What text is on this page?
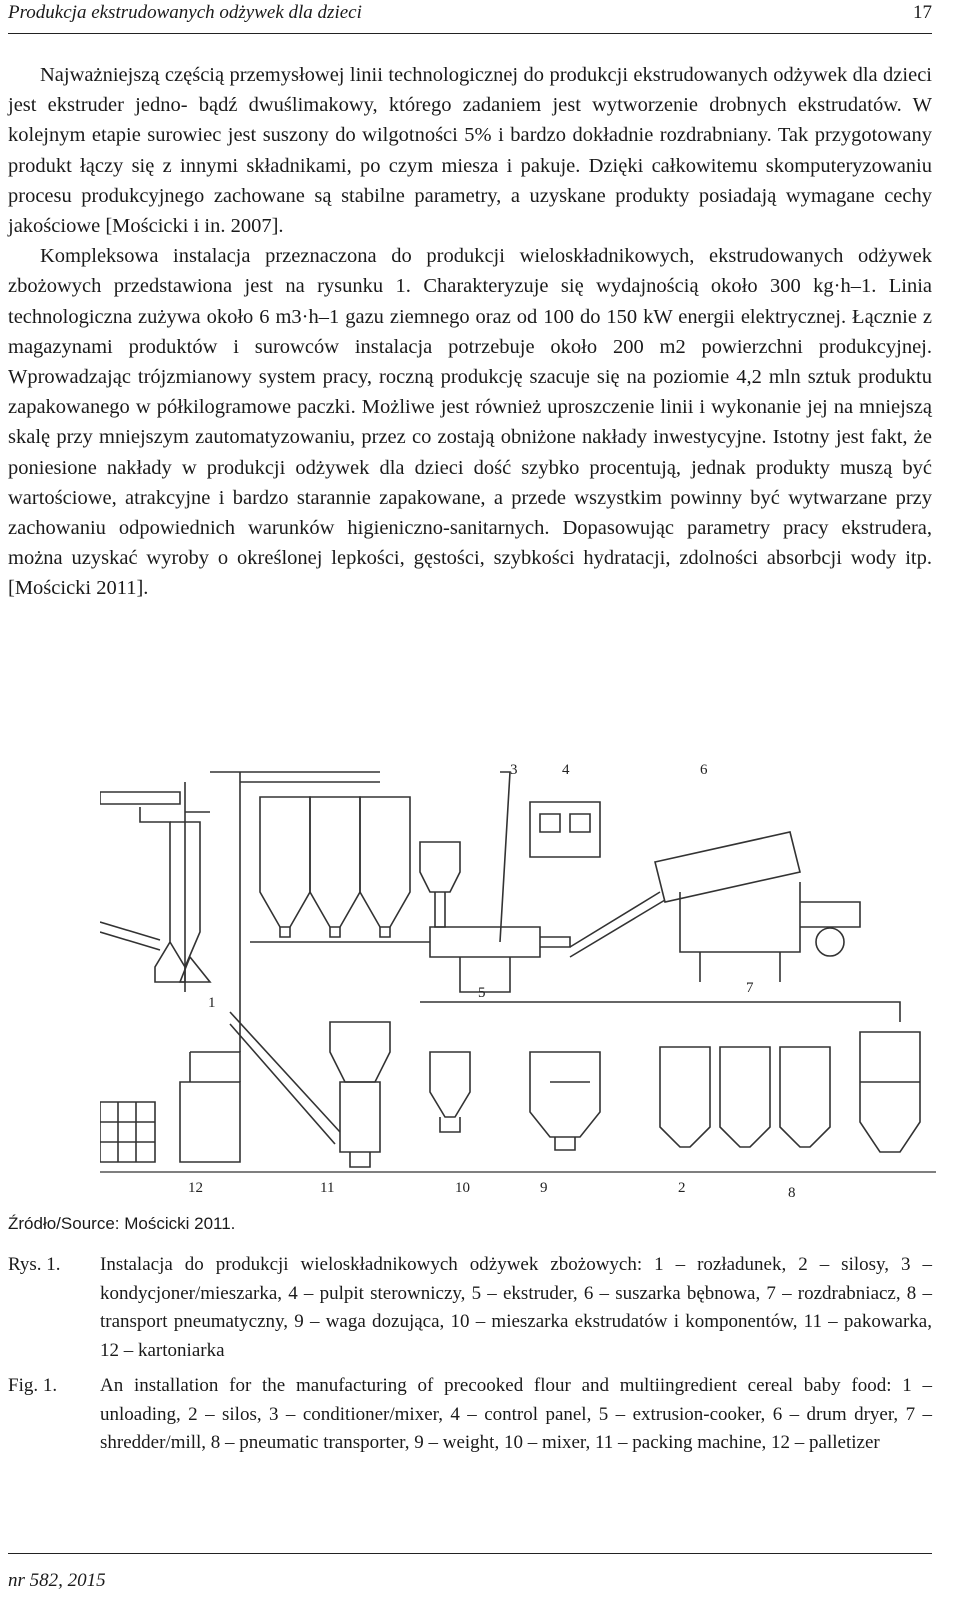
Produkcja ekstrudowanych odżywek dla dzieci	17

Najważniejszą częścią przemysłowej linii technologicznej do produkcji ekstrudowanych odżywek dla dzieci jest ekstruder jedno- bądź dwuślimakowy, którego zadaniem jest wytworzenie drobnych ekstrudatów. W kolejnym etapie surowiec jest suszony do wilgotności 5% i bardzo dokładnie rozdrabniany. Tak przygotowany produkt łączy się z innymi składnikami, po czym miesza i pakuje. Dzięki całkowitemu skomputeryzowaniu procesu produkcyjnego zachowane są stabilne parametry, a uzyskane produkty posiadają wymagane cechy jakościowe [Mościcki i in. 2007].

Kompleksowa instalacja przeznaczona do produkcji wieloskładnikowych, ekstrudowanych odżywek zbożowych przedstawiona jest na rysunku 1. Charakteryzuje się wydajnością około 300 kg·h–1. Linia technologiczna zużywa około 6 m3·h–1 gazu ziemnego oraz od 100 do 150 kW energii elektrycznej. Łącznie z magazynami produktów i surowców instalacja potrzebuje około 200 m2 powierzchni produkcyjnej. Wprowadzając trójzmianowy system pracy, roczną produkcję szacuje się na poziomie 4,2 mln sztuk produktu zapakowanego w półkilogramowe paczki. Możliwe jest również uproszczenie linii i wykonanie jej na mniejszą skalę przy mniejszym zautomatyzowaniu, przez co zostają obniżone nakłady inwestycyjne. Istotny jest fakt, że poniesione nakłady w produkcji odżywek dla dzieci dość szybko procentują, jednak produkty muszą być wartościowe, atrakcyjne i bardzo starannie zapakowane, a przede wszystkim powinny być wytwarzane przy zachowaniu odpowiednich warunków higieniczno-sanitarnych. Dopasowując parametry pracy ekstrudera, można uzyskać wyroby o określonej lepkości, gęstości, szybkości hydratacji, zdolności absorbcji wody itp. [Mościcki 2011].

1
2
3	4
5
6
7
8
9
10
11
12
Źródło/Source: Mościcki 2011.
Rys. 1. Instalacja do produkcji wieloskładnikowych odżywek zbożowych: 1 – rozładunek, 2 – silosy, 3 – kondycjoner/mieszarka, 4 – pulpit sterowniczy, 5 – ekstruder, 6 – suszarka bębnowa, 7 – rozdrabniacz, 8 – transport pneumatyczny, 9 – waga dozująca, 10 – mieszarka ekstrudatów i komponentów, 11 – pakowarka, 12 – kartoniarka
Fig. 1. An installation for the manufacturing of precooked flour and multiingredient cereal baby food: 1 – unloading, 2 – silos, 3 – conditioner/mixer, 4 – control panel, 5 – extrusion-cooker, 6 – drum dryer, 7 – shredder/mill, 8 – pneumatic transporter, 9 – weight, 10 – mixer, 11 – packing machine, 12 – palletizer
nr 582, 2015
